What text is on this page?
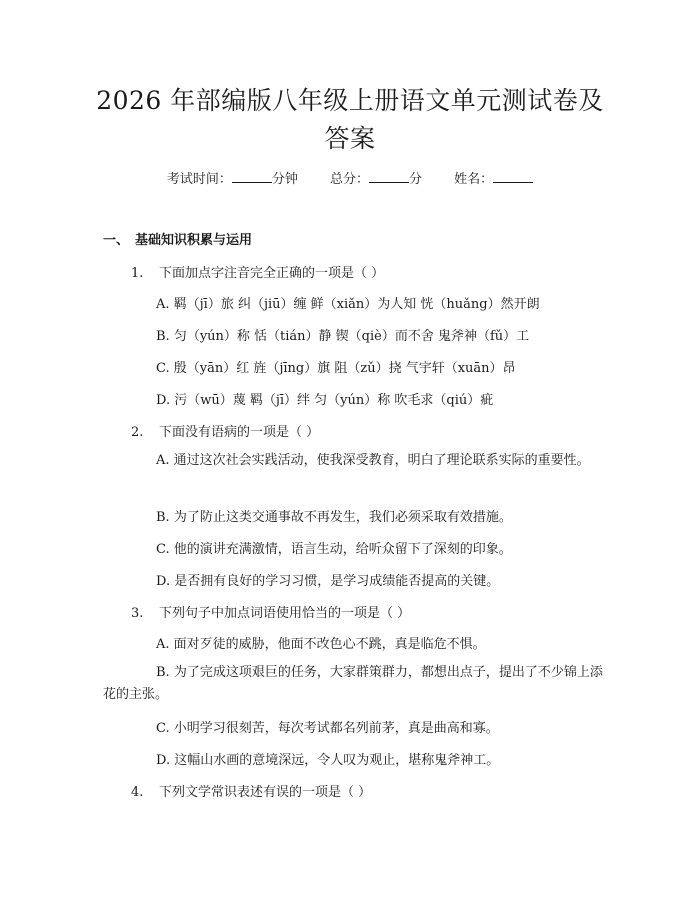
2026 年部编版八年级上册语文单元测试卷及答案
考试时间：	分钟 总分：	分 姓名：
一、 基础知识积累与运用
1. 下面加点字注音完全正确的一项是（ ）
A. 羁（jī）旅 纠（jiū）缠 鲜（xiǎn）为人知 恍（huǎng）然开朗
B. 匀（yún）称 恬（tián）静 锲（qiè）而不舍 鬼斧神（fǔ）工
C. 殷（yān）红 旌（jīng）旗 阻（zǔ）挠 气宇轩（xuān）昂
D. 污（wū）蔑 羁（jī）绊 匀（yún）称 吹毛求（qiú）疵
2. 下面没有语病的一项是（ ）
A. 通过这次社会实践活动，使我深受教育，明白了理论联系实际的重要性。
B. 为了防止这类交通事故不再发生，我们必须采取有效措施。
C. 他的演讲充满激情，语言生动，给听众留下了深刻的印象。
D. 是否拥有良好的学习习惯，是学习成绩能否提高的关键。
3. 下列句子中加点词语使用恰当的一项是（ ）
A. 面对歹徒的威胁，他面不改色心不跳，真是临危不惧。
B. 为了完成这项艰巨的任务，大家群策群力，都想出点子，提出了不少锦上添花的主张。
C. 小明学习很刻苦，每次考试都名列前茅，真是曲高和寡。
D. 这幅山水画的意境深远，令人叹为观止，堪称鬼斧神工。
4. 下列文学常识表述有误的一项是（ ）
